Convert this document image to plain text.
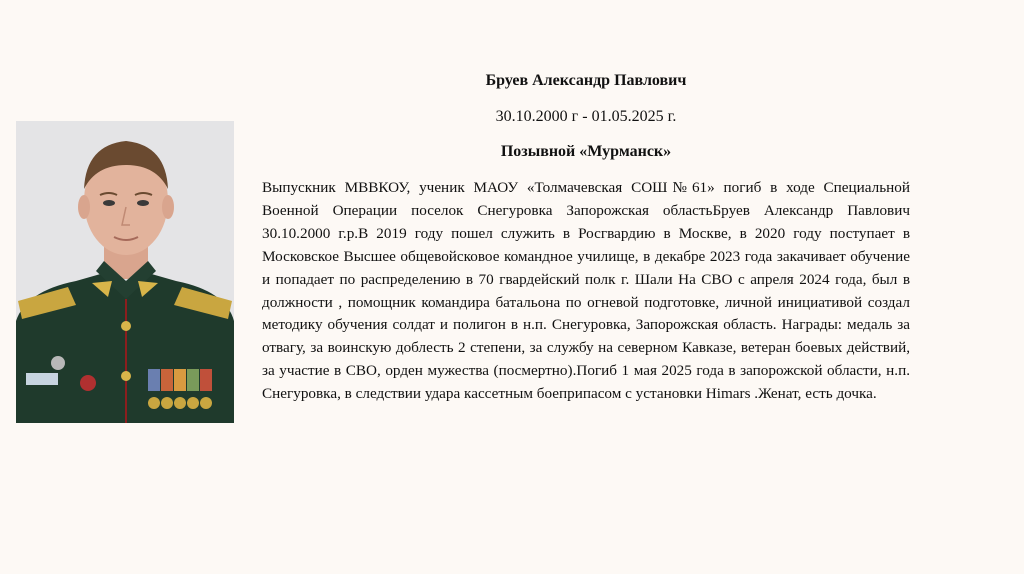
Бруев Александр Павлович
30.10.2000 г - 01.05.2025 г.
Позывной «Мурманск»
Выпускник МВВКОУ, ученик МАОУ «Толмачевская СОШ№61» погиб в ходе Специальной Военной Операции поселок Снегуровка Запорожская областьБруев Александр Павлович 30.10.2000 г.р.В 2019 году пошел служить в Росгвардию в Москве, в 2020 году поступает в Московское Высшее общевойсковое командное училище, в декабре 2023 года закачивает обучение и попадает по распределению в 70 гвардейский полк г. Шали На СВО с апреля 2024 года, был в должности , помощник командира батальона по огневой подготовке, личной инициативой создал методику обучения солдат и полигон в н.п. Снегуровка, Запорожская область. Награды: медаль за отвагу, за воинскую доблесть 2 степени, за службу на северном Кавказе, ветеран боевых действий, за участие в СВО, орден мужества (посмертно).Погиб 1 мая 2025 года в запорожской области, н.п. Снегуровка, в следствии удара кассетным боеприпасом с установки Himars .Женат, есть дочка.
